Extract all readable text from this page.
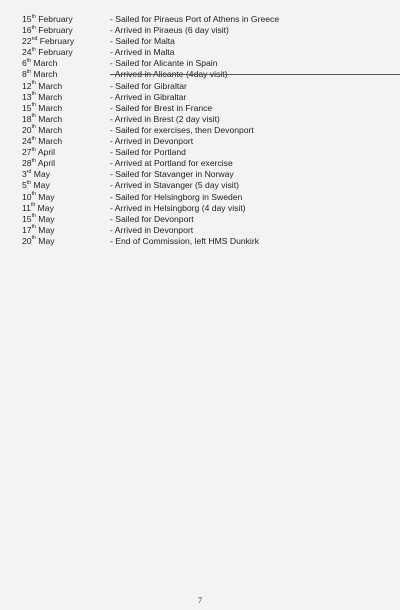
15th February	- Sailed for Piraeus Port of Athens in Greece
16th February	- Arrived in Piraeus (6 day visit)
22nd February	- Sailed for Malta
24th February	- Arrived in Malta
6th March	- Sailed for Alicante in Spain
8th March	- Arrived in Alicante (4day visit)
12th March	- Sailed for Gibraltar
13th March	- Arrived in Gibraltar
15th March	- Sailed for Brest in France
18th March	- Arrived in Brest (2 day visit)
20th March	- Sailed for exercises, then Devonport
24th March	- Arrived in Devonport
27th April	- Sailed for Portland
28th April	- Arrived at Portland for exercise
3rd May	- Sailed for Stavanger in Norway
5th May	- Arrived in Stavanger (5 day visit)
10th May	- Sailed for Helsingborg in Sweden
11th May	- Arrived in Helsingborg (4 day visit)
15th May	- Sailed for Devonport
17th May	- Arrived in Devonport
20th May	- End of Commission, left HMS Dunkirk
7
